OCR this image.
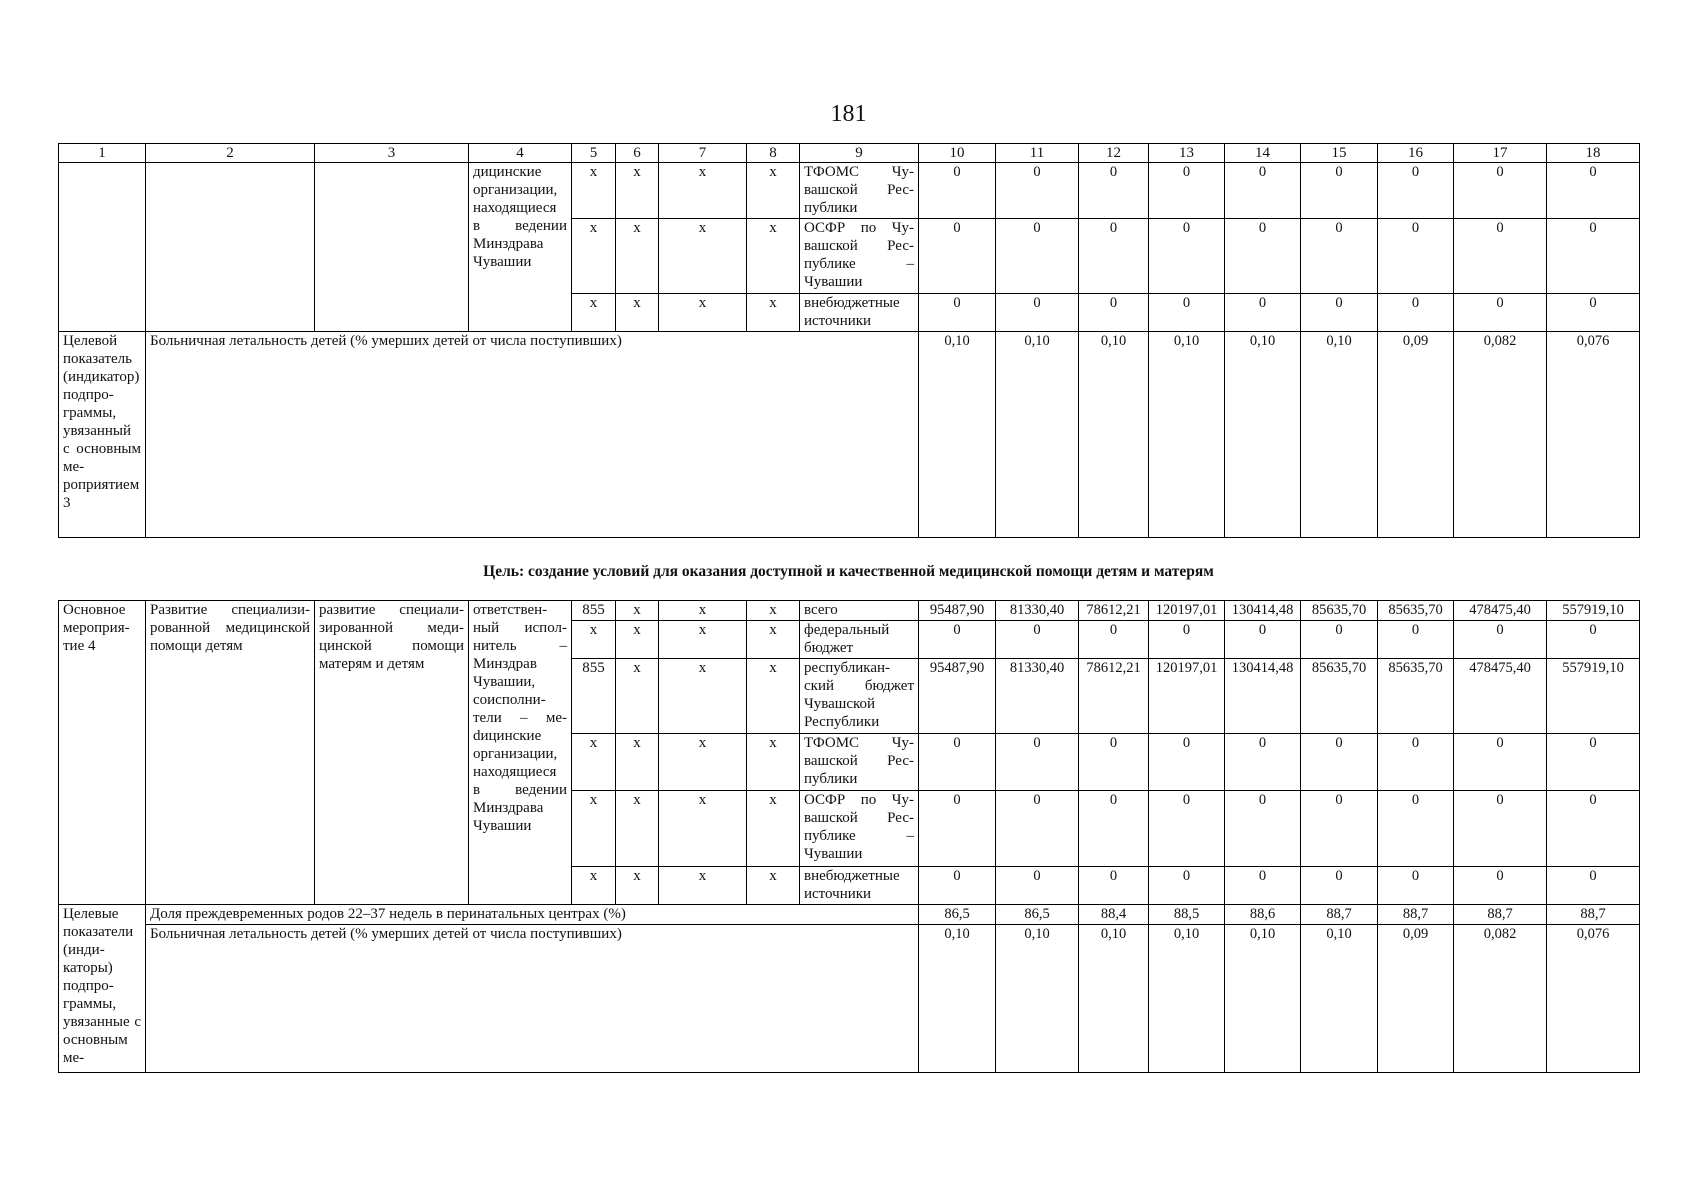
181
1	2	3	4	5	6	7	8	9	10	11	12	13	14	15	16	17	18
			дицинские организации, находящиеся в ведении Минздрава Чувашии	x	x	x	x	ТФОМС Чувашской Республики	0	0	0	0	0	0	0	0	0
				x	x	x	x	ОСФР по Чувашской Республике – Чувашии	0	0	0	0	0	0	0	0	0
				x	x	x	x	внебюджетные источники	0	0	0	0	0	0	0	0	0
Целевой показатель (индикатор) подпрограммы, увязанный с основным мероприятием 3	Больничная летальность детей (% умерших детей от числа поступивших)								0,10	0,10	0,10	0,10	0,10	0,10	0,09	0,082	0,076
Цель: создание условий для оказания доступной и качественной медицинской помощи детям и матерям
Основное мероприятие 4	Развитие специализированной медицинской помощи детям	развитие специализированной медицинской помощи матерям и детям	ответственный исполнитель – Минздрав Чувашии, соисполнители – меdицинские организации, находящиеся в ведении Минздрава Чувашии	855	x	x	x	всего	95487,90	81330,40	78612,21	120197,01	130414,48	85635,70	85635,70	478475,40	557919,10
				x	x	x	x	федеральный бюджет	0	0	0	0	0	0	0	0	0
				855	x	x	x	республиканский бюджет Чувашской Республики	95487,90	81330,40	78612,21	120197,01	130414,48	85635,70	85635,70	478475,40	557919,10
				x	x	x	x	ТФОМС Чувашской Республики	0	0	0	0	0	0	0	0	0
				x	x	x	x	ОСФР по Чувашской Республике – Чувашии	0	0	0	0	0	0	0	0	0
				x	x	x	x	внебюджетные источники	0	0	0	0	0	0	0	0	0
Целевые показатели (индикаторы) подпрограммы, увязанные с основным ме-	Доля преждевременных родов 22–37 недель в перинатальных центрах (%)								86,5	86,5	88,4	88,5	88,6	88,7	88,7	88,7	88,7
	Больничная летальность детей (% умерших детей от числа поступивших)								0,10	0,10	0,10	0,10	0,10	0,10	0,09	0,082	0,076
